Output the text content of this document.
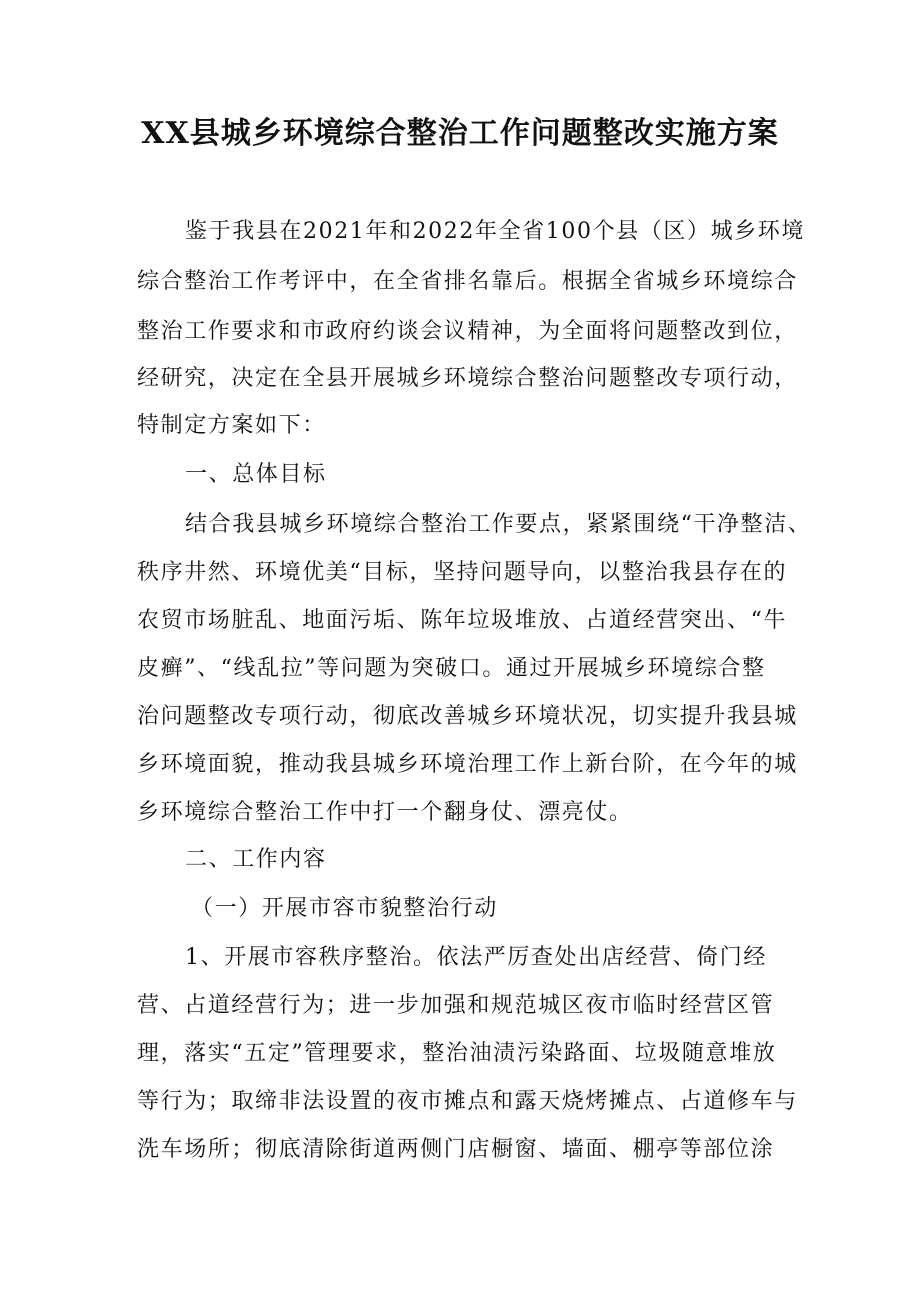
XX县城乡环境综合整治工作问题整改实施方案
鉴于我县在2021年和2022年全省100个县（区）城乡环境
综合整治工作考评中，在全省排名靠后。根据全省城乡环境综合
整治工作要求和市政府约谈会议精神，为全面将问题整改到位，
经研究，决定在全县开展城乡环境综合整治问题整改专项行动，
特制定方案如下：
一、总体目标
结合我县城乡环境综合整治工作要点，紧紧围绕“干净整洁、
秩序井然、环境优美“目标，坚持问题导向，以整治我县存在的
农贸市场脏乱、地面污垢、陈年垃圾堆放、占道经营突出、“牛
皮癣”、“线乱拉”等问题为突破口。通过开展城乡环境综合整
治问题整改专项行动，彻底改善城乡环境状况，切实提升我县城
乡环境面貌，推动我县城乡环境治理工作上新台阶，在今年的城
乡环境综合整治工作中打一个翻身仗、漂亮仗。
二、工作内容
（一）开展市容市貌整治行动
1、开展市容秩序整治。依法严厉查处出店经营、倚门经
营、占道经营行为；进一步加强和规范城区夜市临时经营区管
理，落实“五定”管理要求，整治油渍污染路面、垃圾随意堆放
等行为；取缔非法设置的夜市摊点和露天烧烤摊点、占道修车与
洗车场所；彻底清除街道两侧门店橱窗、墙面、棚亭等部位涂
